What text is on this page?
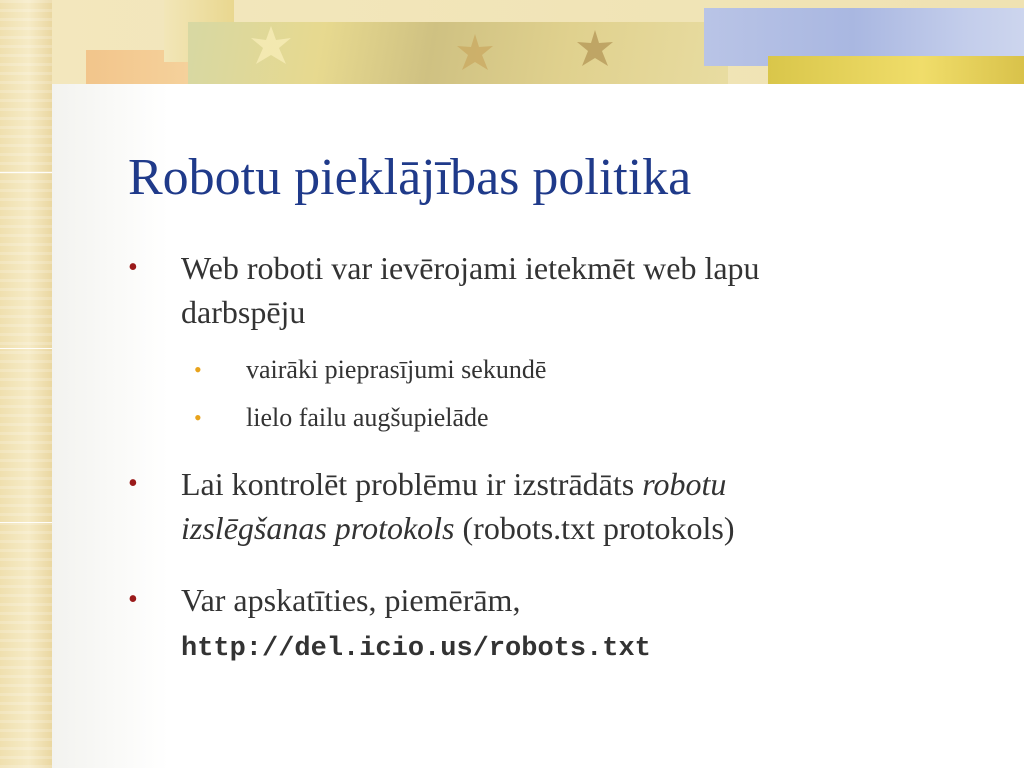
Robotu pieklājības politika
• Web roboti var ievērojami ietekmēt web lapu
darbspēju
• vairāki pieprasījumi sekundē
• lielo failu augšupielāde
• Lai kontrolēt problēmu ir izstrādāts robotu
izslēgšanas protokols (robots.txt protokols)
• Var apskatīties, piemērām,
http://del.icio.us/robots.txt
